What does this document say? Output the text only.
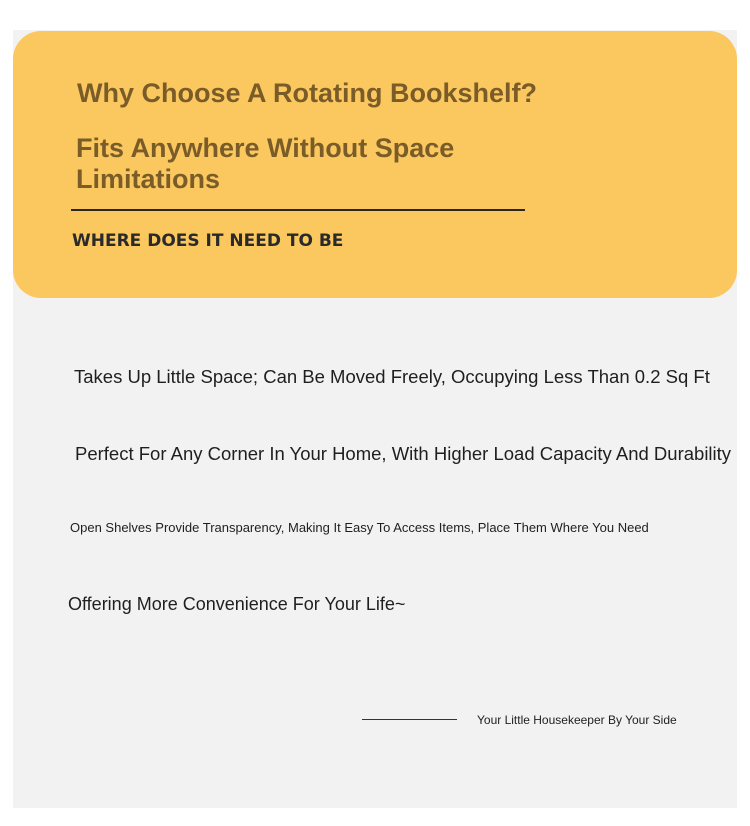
Why Choose A Rotating Bookshelf?
Fits Anywhere Without Space Limitations
WHERE DOES IT NEED TO BE

Takes Up Little Space; Can Be Moved Freely, Occupying Less Than 0.2 Sq Ft

Perfect For Any Corner In Your Home, With Higher Load Capacity And Durability

Open Shelves Provide Transparency, Making It Easy To Access Items, Place Them Where You Need

Offering More Convenience For Your Life~

Your Little Housekeeper By Your Side
